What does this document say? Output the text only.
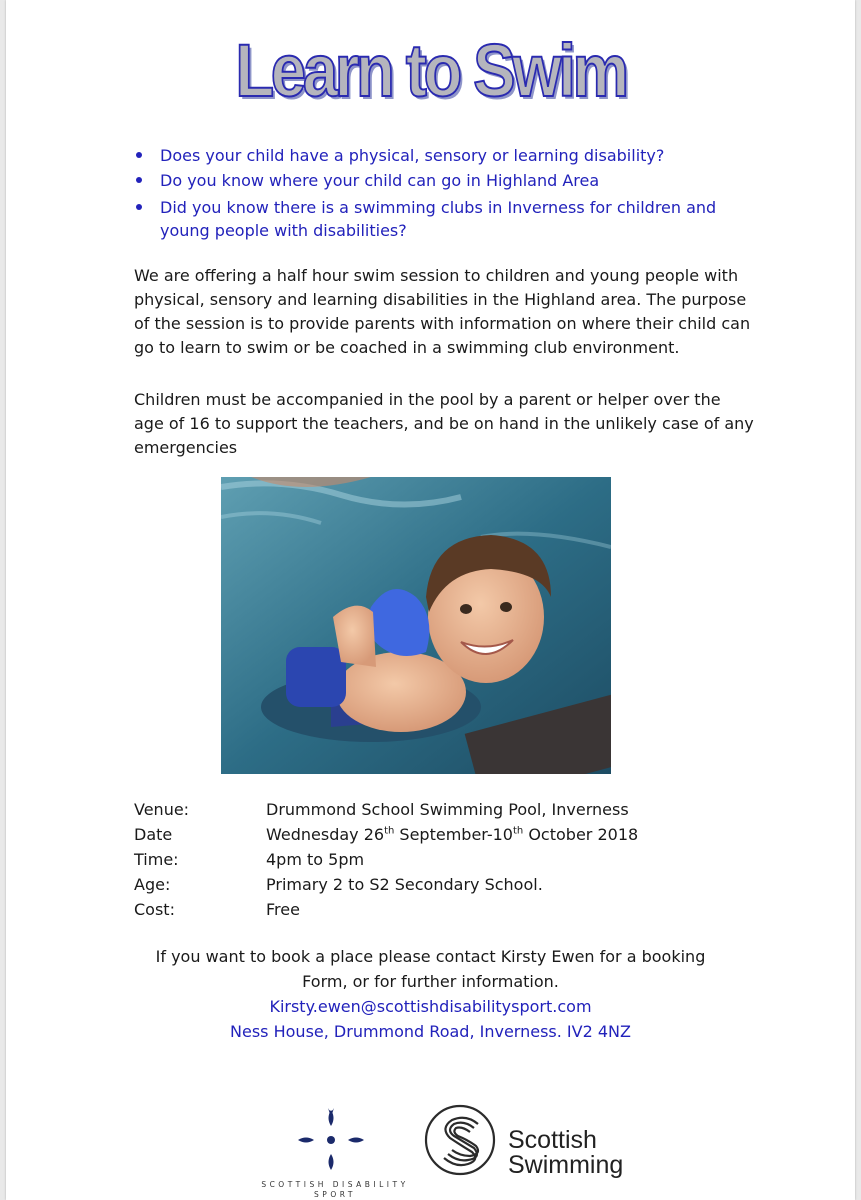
Learn to Swim
Does your child have a physical, sensory or learning disability?
Do you know where your child can go in Highland Area
Did you know there is a swimming clubs in Inverness for children and young people with disabilities?

We are offering a half hour swim session to children and young people with physical, sensory and learning disabilities in the Highland area. The purpose of the session is to provide parents with information on where their child can go to learn to swim or be coached in a swimming club environment.

Children must be accompanied in the pool by a parent or helper over the age of 16 to support the teachers, and be on hand in the unlikely case of any emergencies

Venue:	Drummond School Swimming Pool, Inverness
Date	Wednesday 26th September-10th October 2018
Time:	4pm to 5pm
Age:	Primary 2 to S2 Secondary School.
Cost:	Free
If you want to book a place please contact Kirsty Ewen for a booking
Form, or for further information.
Kirsty.ewen@scottishdisabilitysport.com
Ness House, Drummond Road, Inverness. IV2 4NZ
SCOTTISH DISABILITY
SPORT
Scottish
Swimming
